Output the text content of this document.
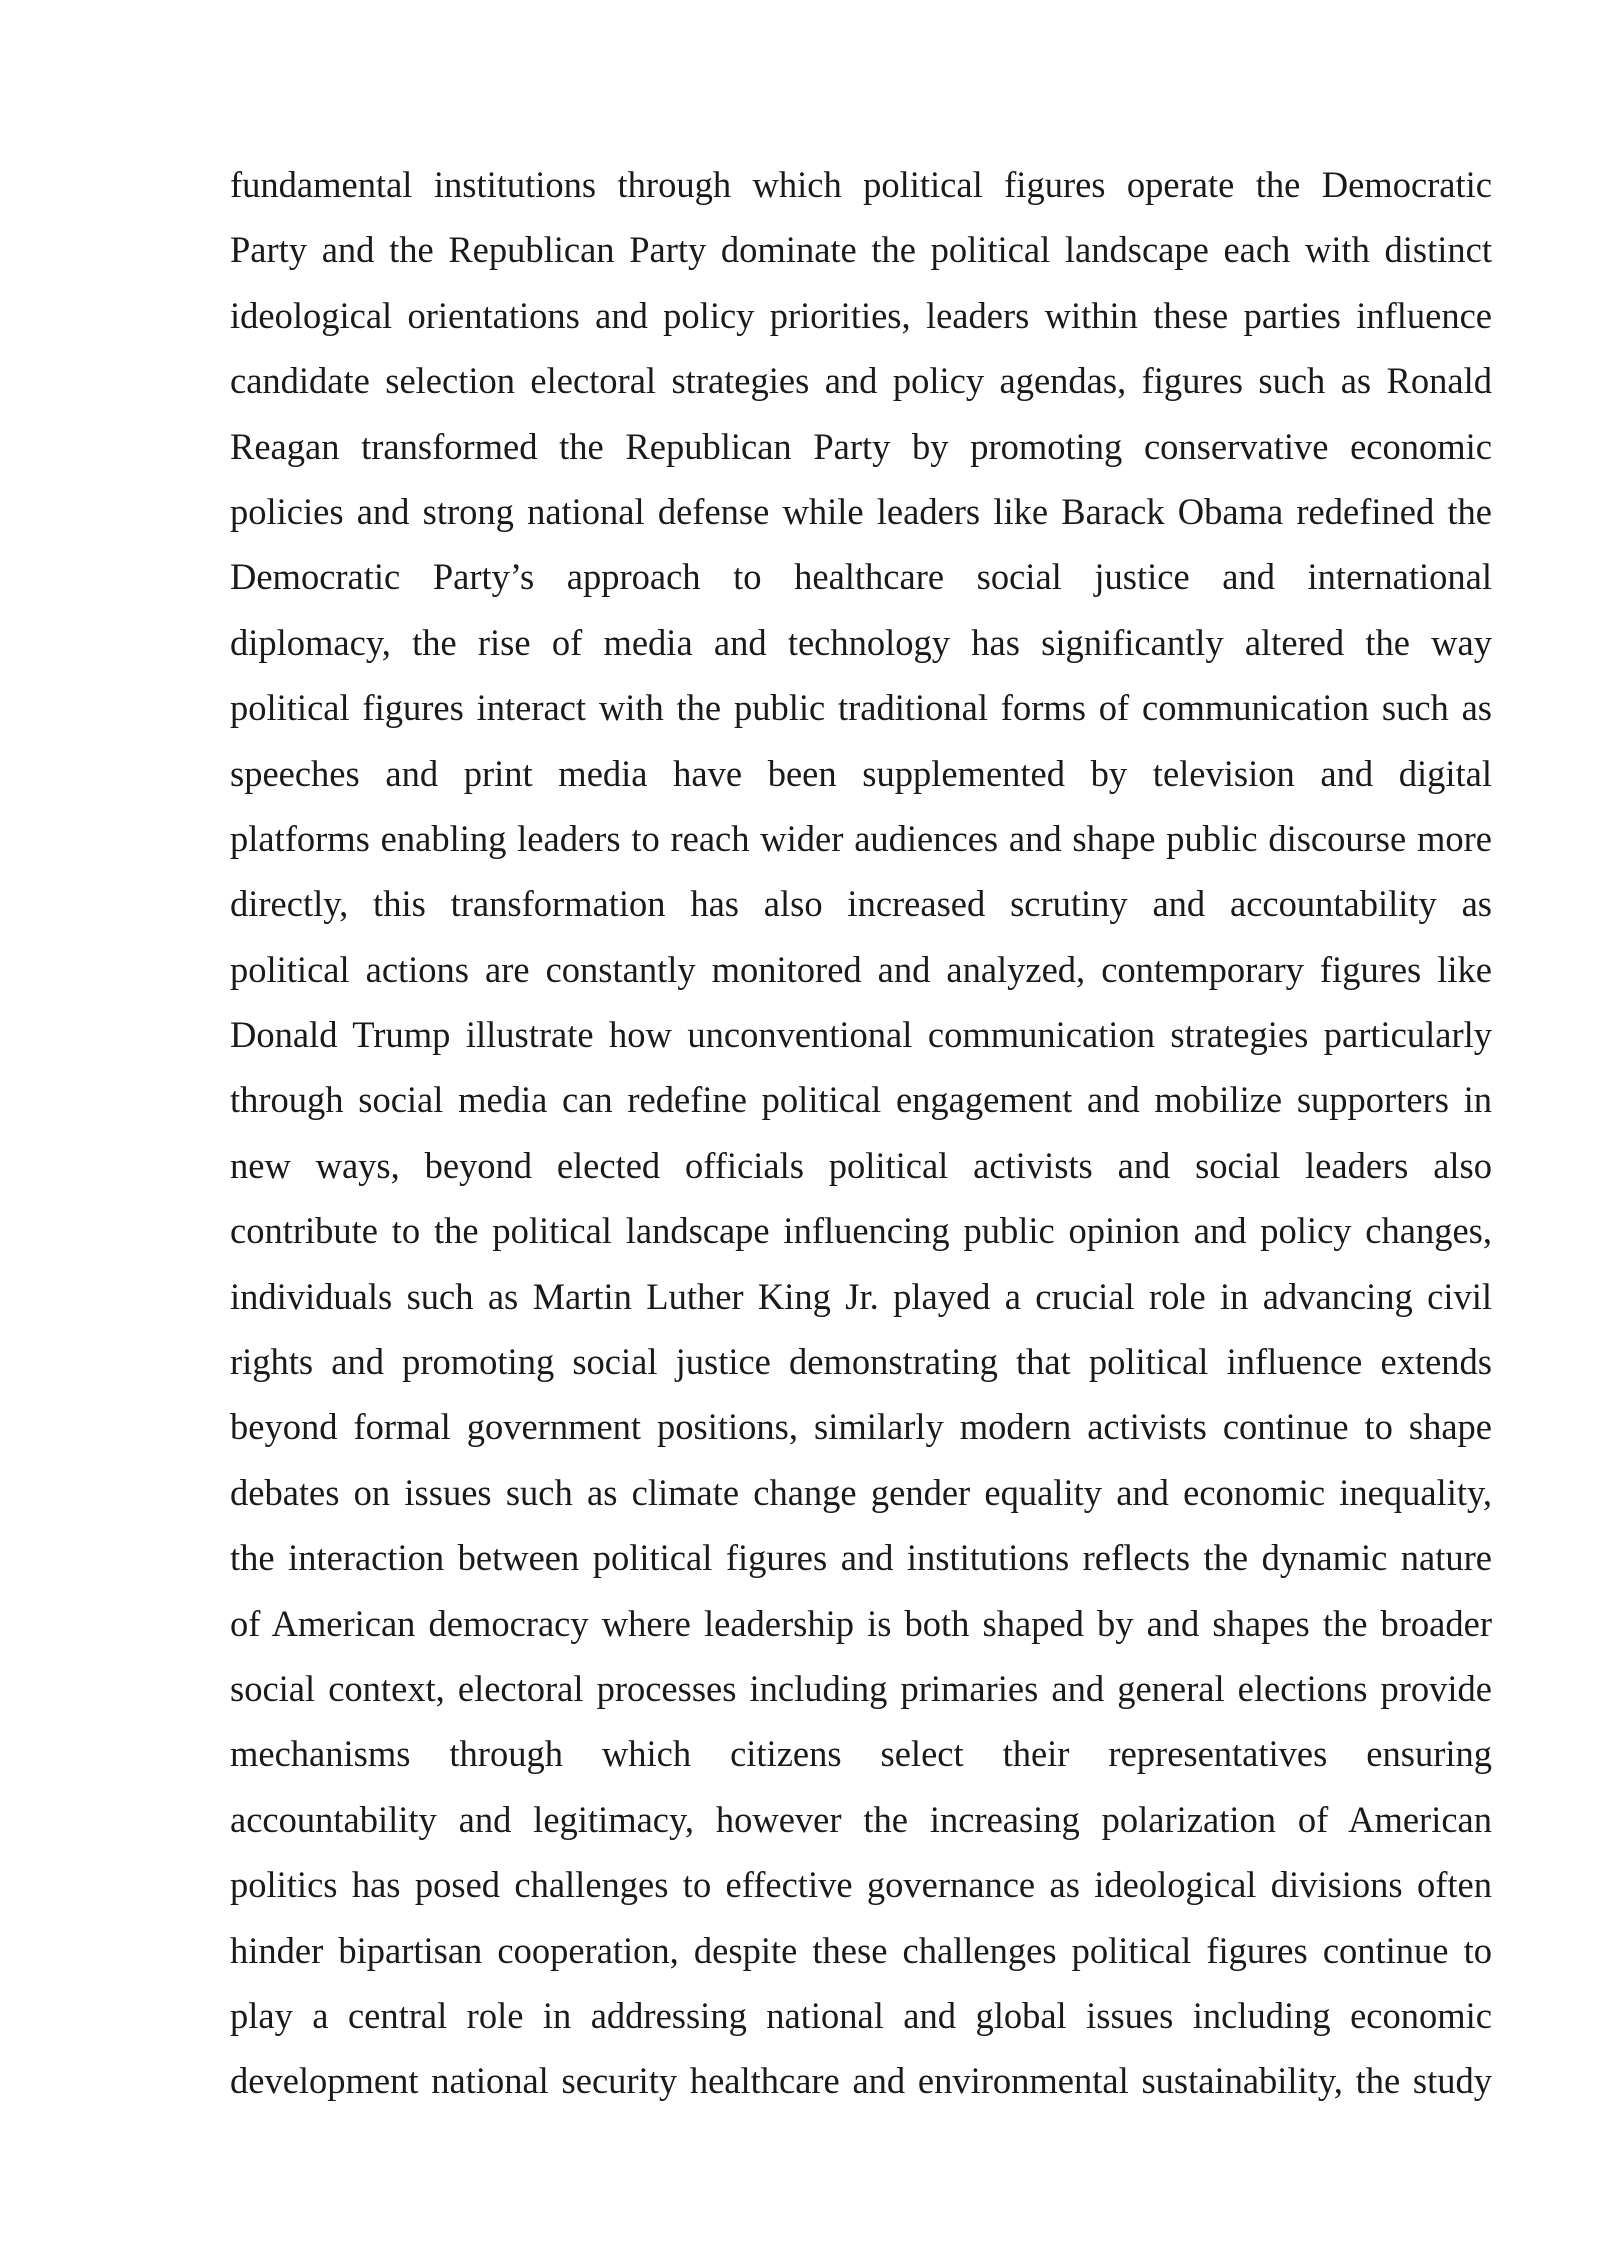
fundamental institutions through which political figures operate the Democratic
Party and the Republican Party dominate the political landscape each with distinct
ideological orientations and policy priorities, leaders within these parties influence
candidate selection electoral strategies and policy agendas, figures such as Ronald
Reagan transformed the Republican Party by promoting conservative economic
policies and strong national defense while leaders like Barack Obama redefined the
Democratic Party’s approach to healthcare social justice and international
diplomacy, the rise of media and technology has significantly altered the way
political figures interact with the public traditional forms of communication such as
speeches and print media have been supplemented by television and digital
platforms enabling leaders to reach wider audiences and shape public discourse more
directly, this transformation has also increased scrutiny and accountability as
political actions are constantly monitored and analyzed, contemporary figures like
Donald Trump illustrate how unconventional communication strategies particularly
through social media can redefine political engagement and mobilize supporters in
new ways, beyond elected officials political activists and social leaders also
contribute to the political landscape influencing public opinion and policy changes,
individuals such as Martin Luther King Jr. played a crucial role in advancing civil
rights and promoting social justice demonstrating that political influence extends
beyond formal government positions, similarly modern activists continue to shape
debates on issues such as climate change gender equality and economic inequality,
the interaction between political figures and institutions reflects the dynamic nature
of American democracy where leadership is both shaped by and shapes the broader
social context, electoral processes including primaries and general elections provide
mechanisms through which citizens select their representatives ensuring
accountability and legitimacy, however the increasing polarization of American
politics has posed challenges to effective governance as ideological divisions often
hinder bipartisan cooperation, despite these challenges political figures continue to
play a central role in addressing national and global issues including economic
development national security healthcare and environmental sustainability, the study
